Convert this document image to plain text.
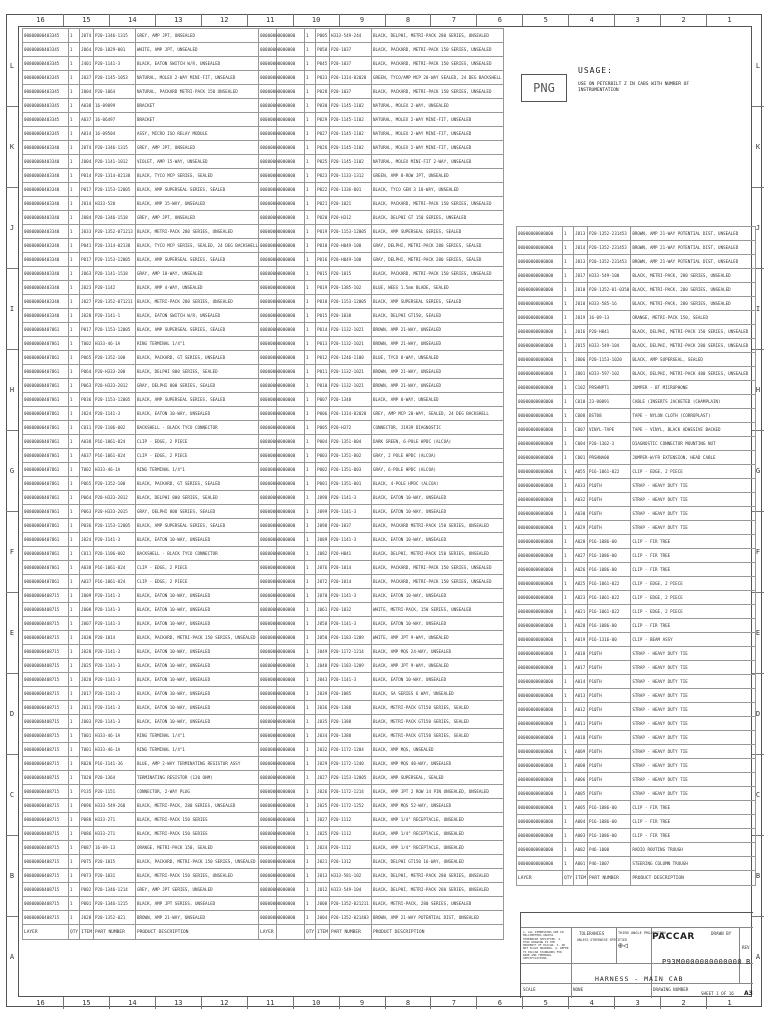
16	15	14	13	12	11	10	9	8	7	6	5	4	3	2	1
16	15	14	13	12	11	10	9	8	7	6	5	4	3	2	1
L
K
J
I
H
G
F
E
D
C
B
A
L
K
J
I
H
G
F
E
D
C
B
A
00000000403345	1	J074	P20-1346-1315	GREY, AMP JPT, UNSEALED
00000000403345	1	J064	P20-1029-001	WHITE, AMP JPT, UNSEALED
00000000403345	1	J401	P20-1141-3	BLACK, EATON SWITCH W/R, UNSEALED
00000000403345	1	J037	P20-1145-1053	NATURAL, MOLEX 2-WAY MINI-FIT, UNSEALED
00000000403345	1	J004	P20-1064	NATURAL, PACKARD METRI-PACK 150 UNSEALED
00000000403345	1	A038	16-09099	BRACKET
00000000403345	1	A037	16-06497	BRACKET
00000000403345	1	A014	16-09504	ASSY, MICRO ISO RELAY MODULE
00000000403340	1	J074	P20-1346-1315	GREY, AMP JPT, UNSEALED
00000000403340	1	J004	P20-1141-1012	VIOLET, AMP 15-WAY, UNSEALED
00000000403340	1	P014	P20-1314-02138	BLACK, TYCO MCP SERIES, SEALED
00000000403340	1	P017	P20-1153-12005	BLACK, AMP SUPERSEAL SERIES, SEALED
00000000403340	1	J014	H333-520	BLACK, AMP 15-WAY, UNSEALED
00000000403340	1	J084	P20-1346-1518	GREY, AMP JPT, UNSEALED
00000000403340	1	J033	P20-1352-071213	BLACK, METRI-PACK 280 SERIES, UNSEALED
00000000403340	1	P041	P20-1314-02138	BLACK, TYCO MCP SERIES, SEALED, 24 DEG BACKSHELL
00000000403340	1	P017	P20-1153-12005	BLACK, AMP SUPERSEAL SERIES, SEALED
00000000403340	1	J063	P20-1141-1518	GRAY, AMP 18-WAY, UNSEALED
00000000403340	1	J023	P20-1142	BLACK, AMP 4-WAY, UNSEALED
00000000403340	1	J027	P20-1352-071211	BLACK, METRI-PACK 280 SERIES, UNSEALED
00000000403340	1	J028	P20-1141-1	BLACK, EATON SWITCH W/R, UNSEALED
00000000407861	1	P017	P20-1153-12005	BLACK, AMP SUPERSEAL SERIES, SEALED
00000000407861	1	T002	H333-46-1A	RING TERMINAL 1/4"1
00000000407861	1	P065	P20-1352-100	BLACK, PACKARD, GT SERIES, UNSEALED
00000000407861	1	P064	P20-H333-200	BLACK, DELPHI 800 SERIES, SEALED
00000000407861	1	P063	P20-H333-2012	GRAY, DELPHI 800 SERIES, SEALED
00000000407861	1	P036	P20-1153-12005	BLACK, AMP SUPERSEAL SERIES, SEALED
00000000407861	1	J024	P20-1141-3	BLACK, EATON 10-WAY, UNSEALED
00000000407861	1	C011	P20-1106-002	BACKSHELL - BLACK TYCO CONNECTOR
00000000407861	1	A038	P16-1061-024	CLIP - EDGE, 2 PIECE
00000000407861	1	A037	P16-1061-024	CLIP - EDGE, 2 PIECE
00000000407861	1	T002	H333-46-1A	RING TERMINAL 1/4"1
00000000407861	1	P065	P20-1352-100	BLACK, PACKARD, GT SERIES, SEALED
00000000407861	1	P064	P20-H333-2012	BLACK, DELPHI 800 SERIES, SEALED
00000000407861	1	P063	P20-H333-2015	GRAY, DELPHI 800 SERIES, SEALED
00000000407861	1	P036	P20-1153-12005	BLACK, AMP SUPERSEAL SERIES, SEALED
00000000407861	1	J024	P20-1141-3	BLACK, EATON 10-WAY, UNSEALED
00000000407861	1	C011	P20-1106-002	BACKSHELL - BLACK TYCO CONNECTOR
00000000407861	1	A038	P16-1061-024	CLIP - EDGE, 2 PIECE
00000000407861	1	A037	P16-1061-024	CLIP - EDGE, 2 PIECE
00000000408715	1	J009	P20-1141-3	BLACK, EATON 10-WAY, UNSEALED
00000000408715	1	J008	P20-1141-3	BLACK, EATON 10-WAY, UNSEALED
00000000408715	1	J007	P20-1141-3	BLACK, EATON 10-WAY, UNSEALED
00000000408715	1	J030	P20-1014	BLACK, PACKARD, METRI-PACK 150 SERIES, UNSEALED
00000000408715	1	J028	P20-1141-3	BLACK, EATON 10-WAY, UNSEALED
00000000408715	1	J025	P20-1141-3	BLACK, EATON 10-WAY, UNSEALED
00000000408715	1	J020	P20-1141-3	BLACK, EATON 10-WAY, UNSEALED
00000000408715	1	J017	P20-1141-3	BLACK, EATON 10-WAY, UNSEALED
00000000408715	1	J011	P20-1141-3	BLACK, EATON 10-WAY, UNSEALED
00000000408715	1	J003	P20-1141-3	BLACK, EATON 10-WAY, UNSEALED
00000000408715	1	T001	H333-46-1A	RING TERMINAL 1/4"1
00000000408715	1	T001	H333-46-1A	RING TERMINAL 1/4"1
00000000408715	1	R020	P16-1141-36	BLUE, AMP 2-WAY TERMINATING RESISTOR ASSY
00000000408715	1	T020	P20-1364	TERMINATING RESISTOR (120 OHM)
00000000408715	1	P135	P20-1151	CONNECTOR, 2-WAY PLUG
00000000408715	1	P096	H333-549-268	BLACK, METRI-PACK, 280 SERIES, UNSEALED
00000000408715	1	P088	H333-271	BLACK, METRI-PACK 150 SERIES
00000000408715	1	P086	H333-271	BLACK, METRI-PACK 150 SERIES
00000000408715	1	P087	16-09-13	ORANGE, METRI-PACK 150, SEALED
00000000408715	1	P075	P20-1015	BLACK, PACKARD, METRI-PACK 150 SERIES, UNSEALED
00000000408715	1	P073	P20-1031	BLACK, METRI-PACK 150 SERIES, UNSEALED
00000000408715	1	P002	P20-1346-1214	GREY, AMP JPT SERIES, UNSEALED
00000000408715	1	P001	P20-1346-1215	BLACK, AMP JPT SERIES, UNSEALED
00000000408715	1	J028	P20-1352-021	BROWN, AMP 21-WAY, UNSEALED
LAYER	QTY	ITEM	PART NUMBER	PRODUCT DESCRIPTION
00000000000000	1	P005	H333-549-244	BLACK, DELPHI, METRI-PACK 280 SERIES, UNSEALED
00000000000000	1	P058	P20-1037	BLACK, PACKARD, METRI-PACK 150 SERIES, UNSEALED
00000000000000	1	P045	P20-1037	BLACK, PACKARD, METRI-PACK 150 SERIES, UNSEALED
00000000000000	1	P033	P20-1314-02020	GREEN, TYCO/AMP MCP 20-WAY SEALED, 24 DEG BACKSHELL
00000000000000	1	P028	P20-1037	BLACK, PACKARD, METRI-PACK 150 SERIES, UNSEALED
00000000000000	1	P030	P20-1145-1102	NATURAL, MOLEX 2-WAY, UNSEALED
00000000000000	1	P029	P20-1145-1102	NATURAL, MOLEX 2-WAY MINI-FIT, UNSEALED
00000000000000	1	P027	P20-1145-1102	NATURAL, MOLEX 2-WAY MINI-FIT, UNSEALED
00000000000000	1	P026	P20-1145-1102	NATURAL, MOLEX 2-WAY MINI-FIT, UNSEALED
00000000000000	1	P025	P20-1145-1102	NATURAL, MOLEX MINI-FIT 2-WAY, UNSEALED
00000000000000	1	P023	P20-1133-1312	GREEN, AMP 8-ROW JPT, UNSEALED
00000000000000	1	P022	P20-1336-001	BLACK, TYCO GEN 3 18-WAY, UNSEALED
00000000000000	1	P021	P20-1021	BLACK, PACKARD, METRI-PACK 150 SERIES, UNSEALED
00000000000000	1	P020	P20-H312	BLACK, DELPHI GT 150 SERIES, UNSEALED
00000000000000	1	P019	P20-1153-12005	BLACK, AMP SUPERSEAL SERIES, SEALED
00000000000000	1	P018	P20-H049-100	GRAY, DELPHI, METRI-PACK 280 SERIES, SEALED
00000000000000	1	P016	P20-H049-100	GRAY, DELPHI, METRI-PACK 280 SERIES, SEALED
00000000000000	1	P015	P20-1015	BLACK, PACKARD, METRI-PACK 150 SERIES, UNSEALED
00000000000000	1	P019	P20-1385-102	BLUE, WEES 1.5mm BLADE, SEALED
00000000000000	1	P018	P20-1153-12005	BLACK, AMP SUPERSEAL SERIES, SEALED
00000000000000	1	P015	P20-1038	BLACK, DELPHI GT150, SEALED
00000000000000	1	P014	P20-1132-1021	BROWN, AMP 21-WAY, UNSEALED
00000000000000	1	P013	P20-1132-1021	BROWN, AMP 21-WAY, UNSEALED
00000000000000	1	P012	P20-1246-1100	BLUE, TYCO 8-WAY, UNSEALED
00000000000000	1	P011	P20-1132-1021	BROWN, AMP 21-WAY, UNSEALED
00000000000000	1	P010	P20-1132-1021	BROWN, AMP 21-WAY, UNSEALED
00000000000000	1	P007	P20-1348	BLACK, AMP 8-WAY, UNSEALED
00000000000000	1	P006	P20-1314-02020	GREY, AMP MCP 20-WAY, SEALED, 24 DEG BACKSHELL
00000000000000	1	P005	P20-H372	CONNECTOR, J1939 DIAGNOSTIC
00000000000000	1	P004	P20-1351-004	DARK GREEN, 6-POLE HPDC (ALCOA)
00000000000000	1	P003	P20-1351-002	GRAY, 2 POLE HPDC (ALCOA)
00000000000000	1	P002	P20-1351-003	GRAY, 6-POLE HPDC (ALCOA)
00000000000000	1	P001	P20-1351-001	BLACK, 4-POLE HPDC (ALCOA)
00000000000000	1	J098	P20-1141-3	BLACK, EATON 10-WAY, UNSEALED
00000000000000	1	J099	P20-1141-3	BLACK, EATON 10-WAY, UNSEALED
00000000000000	1	J098	P20-1037	BLACK, PACKARD METRI-PACK 150 SERIES, UNSEALED
00000000000000	1	J089	P20-1141-3	BLACK, EATON 10-WAY, UNSEALED
00000000000000	1	J082	P20-H041	BLACK, DELPHI, METRI-PACK 150 SERIES, UNSEALED
00000000000000	1	J076	P20-1014	BLACK, PACKARD, METRI-PACK 150 SERIES, UNSEALED
00000000000000	1	J072	P20-1014	BLACK, PACKARD, METRI-PACK 150 SERIES, UNSEALED
00000000000000	1	J070	P20-1141-3	BLACK, EATON 10-WAY, UNSEALED
00000000000000	1	J061	P20-1032	WHITE, METRI-PACK, 150 SERIES, UNSEALED
00000000000000	1	J058	P20-1141-3	BLACK, EATON 10-WAY, UNSEALED
00000000000000	1	J050	P20-1183-1209	WHITE, AMP JPT 9-WAY, UNSEALED
00000000000000	1	J049	P20-1172-1214	BLACK, AMP MQS 24-WAY, UNSEALED
00000000000000	1	J048	P20-1183-1209	BLACK, AMP JPT 9-WAY, UNSEALED
00000000000000	1	J043	P20-1141-3	BLACK, EATON 10-WAY, UNSEALED
00000000000000	1	J039	P20-1085	BLACK, SA SERIES 6 WAY, UNSEALED
00000000000000	1	J036	P20-1388	BLACK, METRI-PACK GT150 SERIES, SEALED
00000000000000	1	J035	P20-1388	BLACK, METRI-PACK GT150 SERIES, SEALED
00000000000000	1	J034	P20-1388	BLACK, METRI-PACK GT150 SERIES, SEALED
00000000000000	1	J032	P20-1172-1204	BLACK, AMP MQS, UNSEALED
00000000000000	1	J029	P20-1172-1240	BLACK, AMP MQS 40-WAY, UNSEALED
00000000000000	1	J027	P20-1153-12005	BLACK, AMP SUPERSEAL, SEALED
00000000000000	1	J026	P20-1172-1214	BLACK, AMP JPT 2 ROW 14 PIN UNSEALED, UNSEALED
00000000000000	1	J025	P20-1172-1252	BLACK, AMP MQS 52-WAY, UNSEALED
00000000000000	1	J027	P20-1112	BLACK, AMP 1/4" RECEPTACLE, UNSEALED
00000000000000	1	J025	P20-1112	BLACK, AMP 1/4" RECEPTACLE, UNSEALED
00000000000000	1	J024	P20-1112	BLACK, AMP 1/4" RECEPTACLE, UNSEALED
00000000000000	1	J021	P20-1312	BLACK, DELPHI GT150 16-WAY, UNSEALED
00000000000000	1	J013	H333-581-102	BLACK, DELPHI, METRI-PACK 280 SERIES, UNSEALED
00000000000000	1	J012	H333-549-104	BLACK, DELPHI, METRI-PACK 280 SERIES, UNSEALED
00000000000000	1	J008	P20-1352-021211	BLACK, METRI-PACK, 280 SERIES, UNSEALED
00000000000000	1	J004	P20-1352-021403	BROWN, AMP 21-WAY POTENTIAL DIST, UNSEALED
LAYER	QTY	ITEM	PART NUMBER	PRODUCT DESCRIPTION
00000000000000	1	J013	P20-1352-231453	BROWN, AMP 21-WAY POTENTIAL DIST, UNSEALED
00000000000000	1	J014	P20-1352-231453	BROWN, AMP 21-WAY POTENTIAL DIST, UNSEALED
00000000000000	1	J013	P20-1352-231453	BROWN, AMP 21-WAY POTENTIAL DIST, UNSEALED
00000000000000	1	J017	H333-549-100	BLACK, METRI-PACK, 280 SERIES, UNSEALED
00000000000000	1	J010	P20-1352-01-0350	BLACK, METRI-PACK, 280 SERIES, UNSEALED
00000000000000	1	J010	H333-585-16	BLACK, METRI-PACK, 280 SERIES, UNSEALED
00000000000000	1	J019	16-09-13	ORANGE, METRI-PACK 150, SEALED
00000000000000	1	J016	P20-H041	BLACK, DELPHI, METRI-PACK 150 SERIES, UNSEALED
00000000000000	1	J015	H333-549-104	BLACK, DELPHI, METRI-PACK 280 SERIES, UNSEALED
00000000000000	1	J006	P20-1153-1020	BLACK, AMP SUPERSEAL, SEALED
00000000000000	1	J001	H333-597-102	BLACK, DELPHI, METRI-PACK 480 SERIES, UNSEALED
00000000000000	1	C102	PRSHNPT1	JUMPER - BT MICROPHONE
00000000000000	1	C010	23-00091	CABLE (INSERTS JACKETED (CHAMPLAIN)
00000000000000	1	C008	BST08	TAPE - NYLON CLOTH (CORROPLAST)
00000000000000	1	C007	VINYL-TAPE	TAPE - VINYL, BLACK ADHESIVE BACKED
00000000000000	1	C004	P20-1362-3	DIAGNOSTIC CONNECTOR MOUNTING NUT
00000000000000	1	C001	PRSHNA00	JUMPER-W/FR EXTENSION, HEAD CABLE
00000000000000	1	A055	P16-1061-022	CLIP - EDGE, 2 PIECE
00000000000000	1	A033	P10TH	STRAP - HEAVY DUTY TIE
00000000000000	1	A032	P10TH	STRAP - HEAVY DUTY TIE
00000000000000	1	A030	P10TH	STRAP - HEAVY DUTY TIE
00000000000000	1	A029	P10TH	STRAP - HEAVY DUTY TIE
00000000000000	1	A028	P16-1086-00	CLIP - FIR TREE
00000000000000	1	A027	P16-1086-00	CLIP - FIR TREE
00000000000000	1	A026	P16-1086-00	CLIP - FIR TREE
00000000000000	1	A025	P16-1061-022	CLIP - EDGE, 2 PIECE
00000000000000	1	A023	P16-1061-022	CLIP - EDGE, 2 PIECE
00000000000000	1	A021	P16-1061-022	CLIP - EDGE, 2 PIECE
00000000000000	1	A020	P16-1086-00	CLIP - FIR TREE
00000000000000	1	A019	P16-1316-00	CLIP - BEAM ASSY
00000000000000	1	A018	P10TH	STRAP - HEAVY DUTY TIE
00000000000000	1	A017	P10TH	STRAP - HEAVY DUTY TIE
00000000000000	1	A014	P10TH	STRAP - HEAVY DUTY TIE
00000000000000	1	A013	P10TH	STRAP - HEAVY DUTY TIE
00000000000000	1	A012	P10TH	STRAP - HEAVY DUTY TIE
00000000000000	1	A011	P10TH	STRAP - HEAVY DUTY TIE
00000000000000	1	A010	P10TH	STRAP - HEAVY DUTY TIE
00000000000000	1	A009	P10TH	STRAP - HEAVY DUTY TIE
00000000000000	1	A008	P10TH	STRAP - HEAVY DUTY TIE
00000000000000	1	A006	P10TH	STRAP - HEAVY DUTY TIE
00000000000000	1	A005	P10TH	STRAP - HEAVY DUTY TIE
00000000000000	1	A005	P16-1086-00	CLIP - FIR TREE
00000000000000	1	A004	P16-1086-00	CLIP - FIR TREE
00000000000000	1	A003	P16-1086-00	CLIP - FIR TREE
00000000000000	1	A002	P46-1000	RADIO ROUTING TROUGH
00000000000000	1	A001	P46-1007	STEERING COLUMN TROUGH
LAYER	QTY	ITEM	PART NUMBER	PRODUCT DESCRIPTION
PNG
USAGE:
USE ON PETERBILT Z IN CABS WITH NUMBER OF INSTRUMENTATION
1. ALL DIMENSIONS ARE IN MILLIMETERS UNLESS OTHERWISE SPECIFIED. 2. THIS DRAWING IS THE PROPERTY OF PACCAR. 3. DO NOT SCALE DRAWING. 4. REFER TO PACCAR STANDARDS FOR WIRE AND TERMINAL SPECIFICATIONS.
TOLERANCES
UNLESS OTHERWISE SPECIFIED
THIRD ANGLE PROJECTION
⊕◁
DRAWN BY
REV
SCALE	NONE	DRAWING NUMBER
SHEET 1 OF 16
PACCAR
P93M0000000000000 B
HARNESS - MAIN CAB
A3
